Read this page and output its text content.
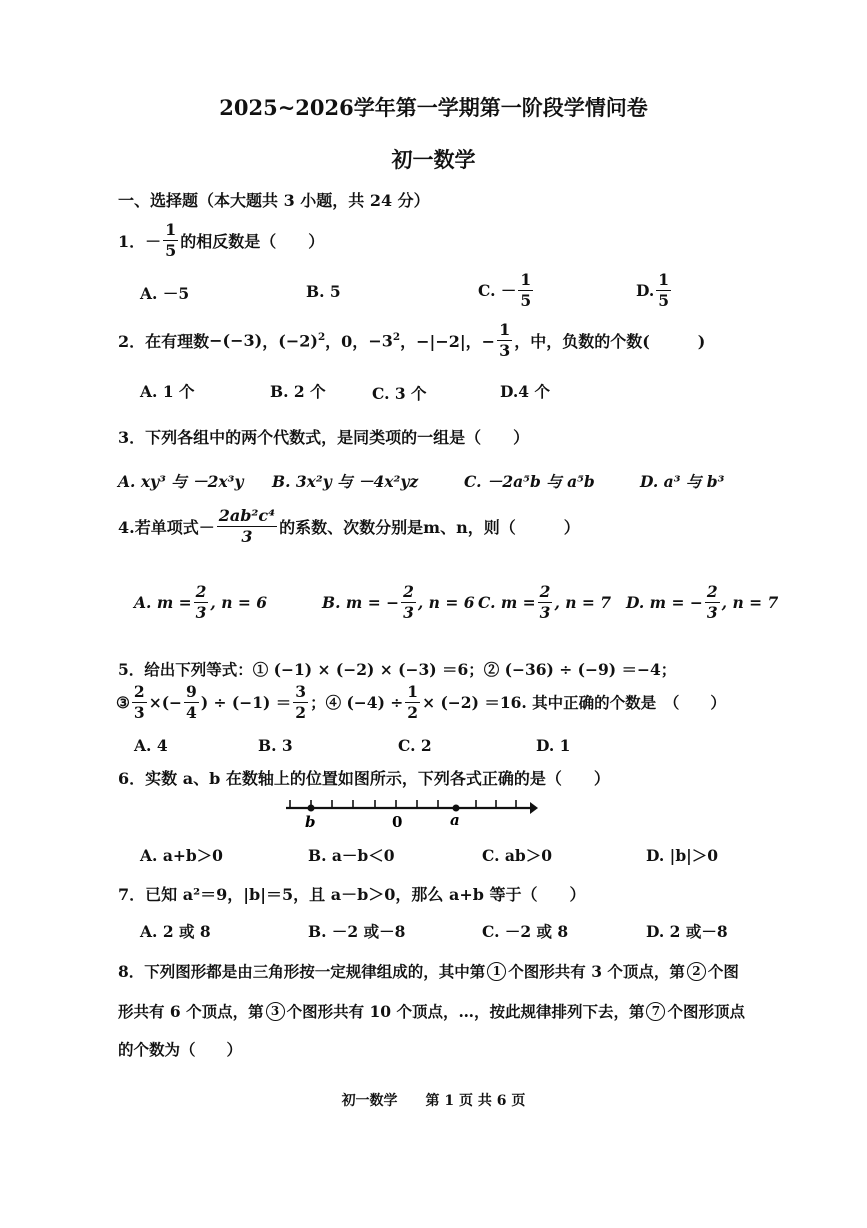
2025~2026学年第一学期第一阶段学情问卷
初一数学
一、选择题（本大题共 3 小题，共 24 分）
1． － $\frac{1}{5}$ 的相反数是（　　）
A. －5	B. 5	C. － $\frac{1}{5}$	D. $\frac{1}{5}$
2．在有理数 −(−3) ， $(-2)^2$ ，0， $-3^2$ ，−|−2|，− $\frac{1}{3}$ ，中，负数的个数(　　　)
A. 1 个	B. 2 个	C. 3 个	D.4 个
3．下列各组中的两个代数式，是同类项的一组是（　　）
A. xy³ 与 －2x³y B. 3x²y 与 －4x²yz	C. －2a⁵b 与 a⁵b	D. a³ 与 b³
4.若单项式－ $\frac{\text{2ab²c⁴}}{3}$ 的系数、次数分别是m、n，则（　　　）
A. $m = \frac{2}{3}$ , n = 6	B. m = − $\frac{2}{3}$ , n = 6 C. $m = \frac{2}{3}$ , n = 7 D. m = − $\frac{2}{3}$ , n = 7
5．给出下列等式：① (−1) × (−2) × (−3) ＝6；② (−36) ÷ (−9) ＝−4；
③ $\frac{2}{3}$ ×(− $\frac{9}{4}$ ) ÷ $(-1) = \frac{3}{2}$ ；④ $(-4) \div \frac{1}{2} \times (-2) =16$. 其中正确的个数是　（　　）
A. 4	B. 3	C. 2	D. 1
6．实数 a、b 在数轴上的位置如图所示，下列各式正确的是（　　）
b	0	a
A. a+b＞0	B. a－b＜0	C. ab＞0	D. |b|＞0
7．已知 a²＝9，|b|＝5，且 a－b＞0，那么 a+b 等于（　　）
A. 2 或 8	B. －2 或－8	C. －2 或 8	D. 2 或－8
8．下列图形都是由三角形按一定规律组成的，其中第 1 个图形共有 3 个顶点，第 2 个图
形共有 6 个顶点，第 3 个图形共有 10 个顶点，…，按此规律排列下去，第 7 个图形顶点
的个数为（　　）
初一数学　　第 1 页 共 6 页
